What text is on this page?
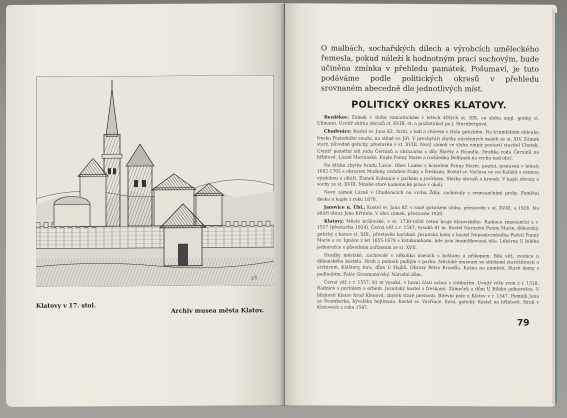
J.Š.
Klatovy v 17. stol.
Archiv musea města Klatov.
O malbách, sochařských dílech a výrobcích uměleckého řemesla, pokud náleží k hodnotným prací sochovým, bude učiněna zmínka v přehledu památek. Pošumaví, je tuto podáváme podle politických okresů v přehledu srovnaném abecedně dle jednotlivých míst.
POLITICKÝ OKRES KLATOVY.

Bezděkov: Zámek v slohu romantickém v letech 40tých st. XIX. ve slohu angl. gotiky sl. Ullmann. Uvnitř sbírka obrazů st. XVIII. st. a pozůstalost po J. Sternbergové.

Chudenice: Kostel sv. Jana Kř., farní, s lodí a chórem v stylu gotickém. Na triumfálním oblouku freska Posledního soudu, na stěně sv. Jiří. V presbytáři zbytky nástěnných maleb ze st. XIV. Zámek starý, původně gotický, přestavěn v st. XVIII. Nový zámek ve slohu empír postavil stavitel Chotek. Uvnitř pamětní síň rodu Černínů a obrazárna s díly Škréty a Brandla. Hrobka rodu Černínů na hřbitově. Lázně Mariánské. Kaple Panny Marie a rozhledna Bolfánek na vrchu nad obcí.

Na blízku zbytky hradu Lazce. Obec Lomec s kostelem Panny Marie, poutní, postaven v letech 1692-1702 s obrazem Madony, ozdoben štuky a freskami. Kostel sv. Václava ve vsi Kaliště s cennou výzdobou a oltáři. Zámek Kalenice s parkem a jezírkem. Sbírky obrazů a kreseb. V kapli obrazy a sochy ze st. XVIII. Mnohé staré kamenické práce v okolí.

Nový zámek Lázně v Chudenicích na vrchu Žďár, zachovalý s renesančními prvky. Pamětní deska u kaple z roku 1870.

Janovice n. Úhl.: Kostel sv. Jana Kř. v raně gotickém slohu, přestavěn v st. XVIII. a 1926. Na oltáři obraz Jana Křtitele. V obci zámek, přestavěn 1920.

Klatovy: Město královské, v st. 1730-1850 četné kraje klatovského. Radnice renesanční z r. 1557 (přestavba 1924). Černá věž z r. 1547, vysoká 81 m. Kostel Narození Panny Marie, děkanský, gotický z konce st. XIII., přestavěn barokně. Jezuitská kolej a kostel Neposkvrněného Početí Panny Marie a sv. Ignáce z let 1655-1679 s katakombami, kde jsou mumifikovaná těla. Lékárna U bílého jednorožce s původním zařízením ze st. XVII.

Hradby městské, zachovalé v několika úsecích s baštami a příkopem. Bílá věž, zvonice u děkanského kostela. Hrob a pomník padlým v parku. Městské museum se sbírkami starožitností a archivem. Kláštery, fara, dům U Hajků. Obrazy Petra Brandla. Kašna na náměstí. Staré domy s podloubím. Palác Grosmanovský. Národní dům.

Černá věž z r. 1557, 81 m vysoká, v horní části ochoz s cimbuřím. Uvnitř věže zvon z r. 1518. Radnice s portálem a erbem. Jezuitský kostel s freskami. Zámeček a dům U Bílého jednorožce. V blízkosti Klatov hrad Klenová, zbytek staré pevnosti. Bitevní pole u Klatov v r. 1547. Pomník Jana ze Švamberka, bývalého hejtmana. Kostel sv. Vavřince, farní, gotický. Kostel na hřbitově. Hrob v Klatovech z roku 1547.

79
